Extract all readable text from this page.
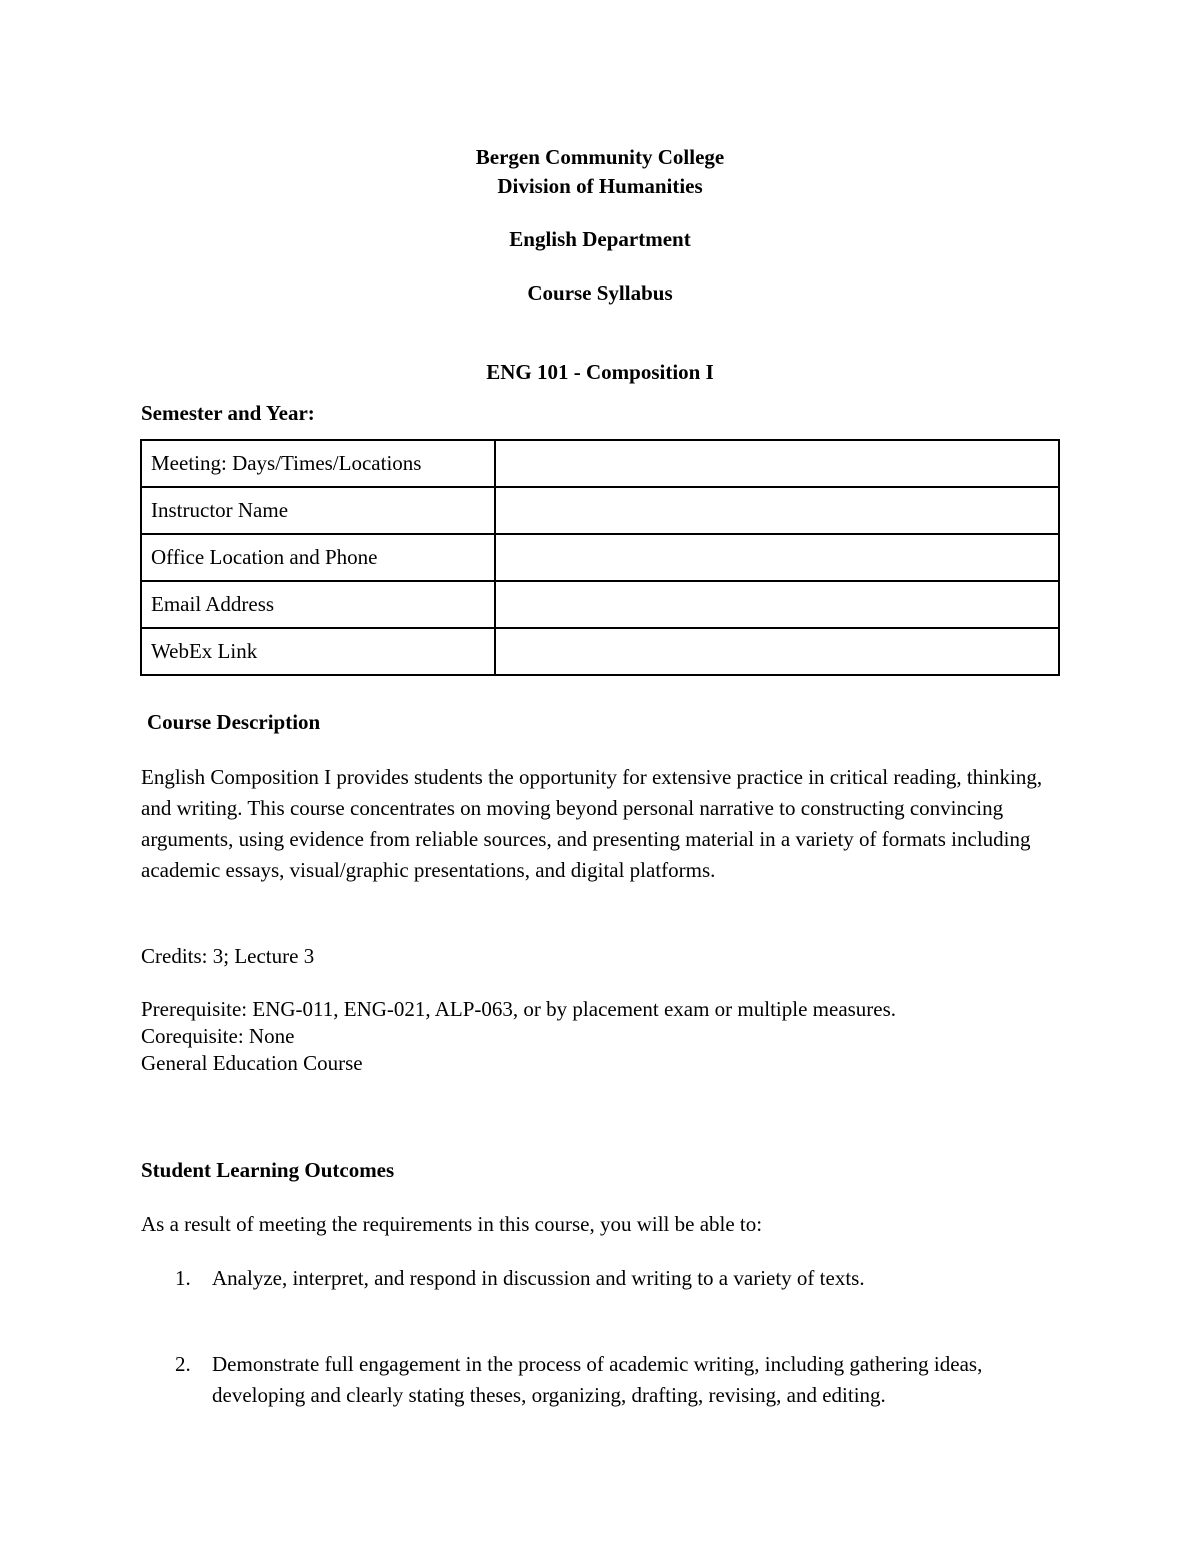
Bergen Community College
Division of Humanities
English Department
Course Syllabus
ENG 101 - Composition I
Semester and Year:
Meeting: Days/Times/Locations	
Instructor Name	
Office Location and Phone	
Email Address	
WebEx Link	
Course Description
English Composition I provides students the opportunity for extensive practice in critical reading, thinking, and writing. This course concentrates on moving beyond personal narrative to constructing convincing arguments, using evidence from reliable sources, and presenting material in a variety of formats including academic essays, visual/graphic presentations, and digital platforms.
Credits: 3; Lecture 3
Prerequisite: ENG-011, ENG-021, ALP-063, or by placement exam or multiple measures.
Corequisite: None
General Education Course
Student Learning Outcomes
As a result of meeting the requirements in this course, you will be able to:
1. Analyze, interpret, and respond in discussion and writing to a variety of texts.
2. Demonstrate full engagement in the process of academic writing, including gathering ideas, developing and clearly stating theses, organizing, drafting, revising, and editing.
